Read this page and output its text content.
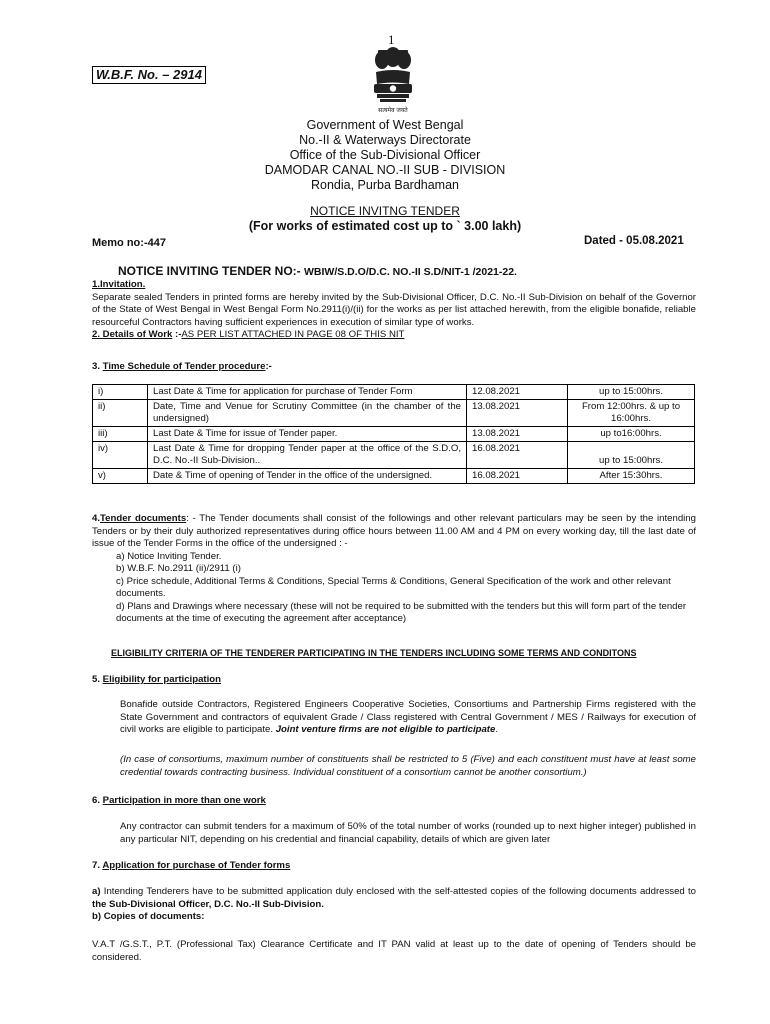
1
W.B.F. No. – 2914
सत्यमेव जयते
Government of West Bengal
No.-II & Waterways Directorate
Office of the Sub-Divisional Officer
DAMODAR CANAL NO.-II SUB - DIVISION
Rondia, Purba Bardhaman
NOTICE INVITNG TENDER
(For works of estimated cost up to ` 3.00 lakh)
Memo no:-447	Dated - 05.08.2021
NOTICE INVITING TENDER NO:- WBIW/S.D.O/D.C. NO.-II S.D/NIT-1 /2021-22.
1.Invitation.
Separate sealed Tenders in printed forms are hereby invited by the Sub-Divisional Officer, D.C. No.-II Sub-Division on behalf of the Governor of the State of West Bengal in West Bengal Form No.2911(i)/(ii) for the works as per list attached herewith, from the eligible bonafide, reliable resourceful Contractors having sufficient experiences in execution of similar type of works.
2. Details of Work :-AS PER LIST ATTACHED IN PAGE 08 OF THIS NIT
3. Time Schedule of Tender procedure:-
i)	Last Date & Time for application for purchase of Tender Form	12.08.2021	up to 15:00hrs.
ii)	Date, Time and Venue for Scrutiny Committee (in the chamber of the undersigned)	13.08.2021	From 12:00hrs. & up to 16:00hrs.
iii)	Last Date & Time for issue of Tender paper.	13.08.2021	up to16:00hrs.
iv)	Last Date & Time for dropping Tender paper at the office of the S.D.O, D.C. No.-II Sub-Division..	16.08.2021	up to 15:00hrs.
v)	Date & Time of opening of Tender in the office of the undersigned.	16.08.2021	After 15:30hrs.
4.Tender documents: - The Tender documents shall consist of the followings and other relevant particulars may be seen by the intending Tenders or by their duly authorized representatives during office hours between 11.00 AM and 4 PM on every working day, till the last date of issue of the Tender Forms in the office of the undersigned : -
a) Notice Inviting Tender.
b) W.B.F. No.2911 (ii)/2911 (i)
c) Price schedule, Additional Terms & Conditions, Special Terms & Conditions, General Specification of the work and other relevant documents.
d) Plans and Drawings where necessary (these will not be required to be submitted with the tenders but this will form part of the tender documents at the time of executing the agreement after acceptance)
ELIGIBILITY CRITERIA OF THE TENDERER PARTICIPATING IN THE TENDERS INCLUDING SOME TERMS AND CONDITONS
5. Eligibility for participation
Bonafide outside Contractors, Registered Engineers Cooperative Societies, Consortiums and Partnership Firms registered with the State Government and contractors of equivalent Grade / Class registered with Central Government / MES / Railways for execution of civil works are eligible to participate. Joint venture firms are not eligible to participate.
(In case of consortiums, maximum number of constituents shall be restricted to 5 (Five) and each constituent must have at least some credential towards contracting business. Individual constituent of a consortium cannot be another consortium.)
6. Participation in more than one work
Any contractor can submit tenders for a maximum of 50% of the total number of works (rounded up to next higher integer) published in any particular NIT, depending on his credential and financial capability, details of which are given later
7. Application for purchase of Tender forms
a) Intending Tenderers have to be submitted application duly enclosed with the self-attested copies of the following documents addressed to the Sub-Divisional Officer, D.C. No.-II Sub-Division.
b) Copies of documents:
V.A.T /G.S.T., P.T. (Professional Tax) Clearance Certificate and IT PAN valid at least up to the date of opening of Tenders should be considered.
